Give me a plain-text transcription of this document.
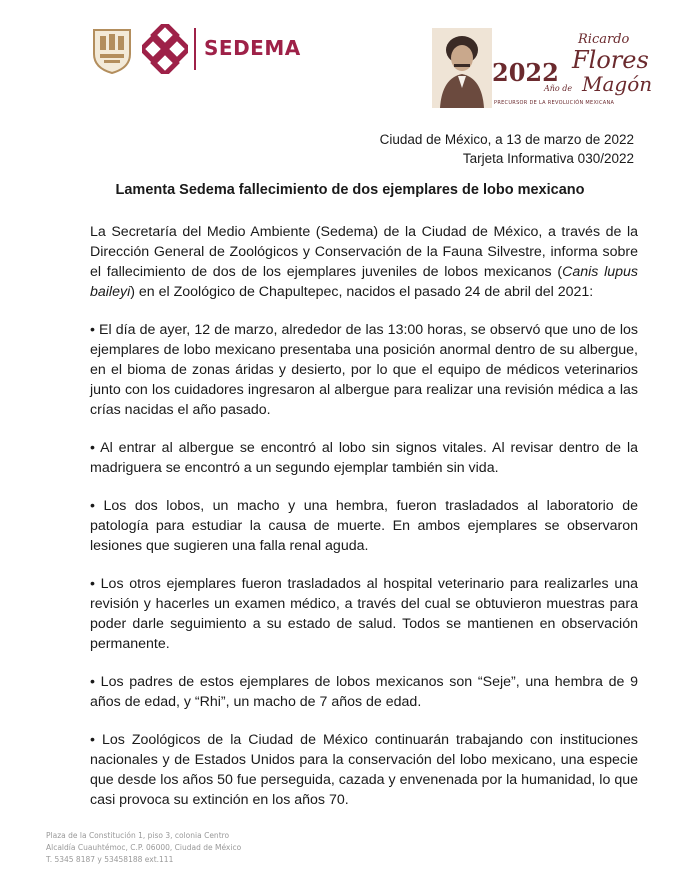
SEDEMA
2022
Año de
Ricardo
Flores
Magón
PRECURSOR DE LA REVOLUCIÓN MEXICANA
Ciudad de México, a 13 de marzo de 2022
Tarjeta Informativa 030/2022
Lamenta Sedema fallecimiento de dos ejemplares de lobo mexicano

La Secretaría del Medio Ambiente (Sedema) de la Ciudad de México, a través de la Dirección General de Zoológicos y Conservación de la Fauna Silvestre, informa sobre el fallecimiento de dos de los ejemplares juveniles de lobos mexicanos (Canis lupus baileyi) en el Zoológico de Chapultepec, nacidos el pasado 24 de abril del 2021:

• El día de ayer, 12 de marzo, alrededor de las 13:00 horas, se observó que uno de los ejemplares de lobo mexicano presentaba una posición anormal dentro de su albergue, en el bioma de zonas áridas y desierto, por lo que el equipo de médicos veterinarios junto con los cuidadores ingresaron al albergue para realizar una revisión médica a las crías nacidas el año pasado.

• Al entrar al albergue se encontró al lobo sin signos vitales. Al revisar dentro de la madriguera se encontró a un segundo ejemplar también sin vida.

• Los dos lobos, un macho y una hembra, fueron trasladados al laboratorio de patología para estudiar la causa de muerte. En ambos ejemplares se observaron lesiones que sugieren una falla renal aguda.

• Los otros ejemplares fueron trasladados al hospital veterinario para realizarles una revisión y hacerles un examen médico, a través del cual se obtuvieron muestras para poder darle seguimiento a su estado de salud. Todos se mantienen en observación permanente.

• Los padres de estos ejemplares de lobos mexicanos son “Seje”, una hembra de 9 años de edad, y “Rhi”, un macho de 7 años de edad.

• Los Zoológicos de la Ciudad de México continuarán trabajando con instituciones nacionales y de Estados Unidos para la conservación del lobo mexicano, una especie que desde los años 50 fue perseguida, cazada y envenenada por la humanidad, lo que casi provoca su extinción en los años 70.

Plaza de la Constitución 1, piso 3, colonia Centro
Alcaldía Cuauhtémoc, C.P. 06000, Ciudad de México
T. 5345 8187 y 53458188 ext.111
